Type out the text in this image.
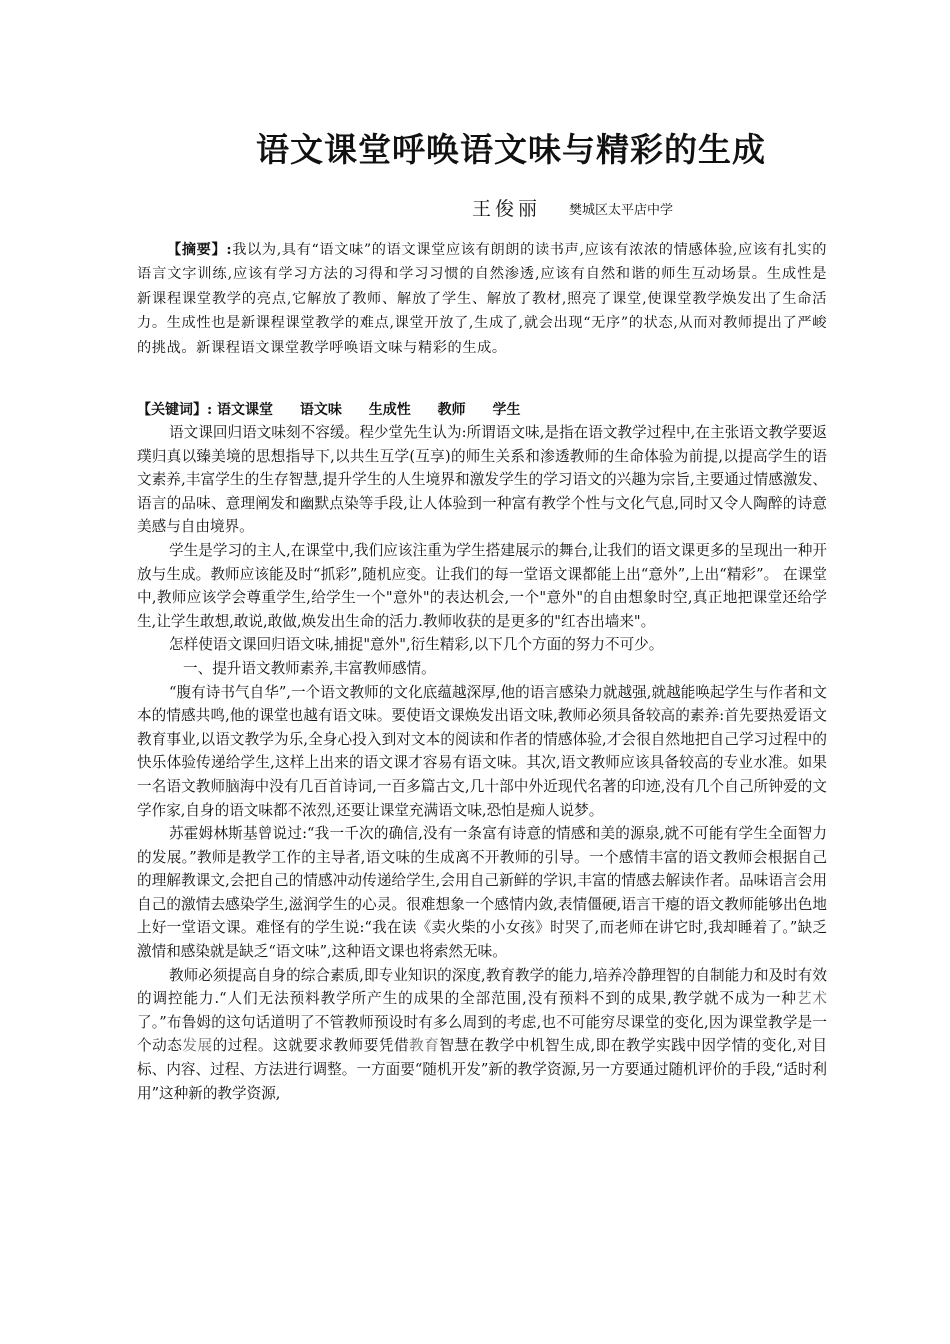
语文课堂呼唤语文味与精彩的生成
王俊丽 樊城区太平店中学

【摘要】:我以为,具有“语文味”的语文课堂应该有朗朗的读书声,应该有浓浓的情感体验,应该有扎实的语言文字训练,应该有学习方法的习得和学习习惯的自然渗透,应该有自然和谐的师生互动场景。生成性是新课程课堂教学的亮点,它解放了教师、解放了学生、解放了教材,照亮了课堂,使课堂教学焕发出了生命活力。生成性也是新课程课堂教学的难点,课堂开放了,生成了,就会出现“无序”的状态,从而对教师提出了严峻的挑战。新课程语文课堂教学呼唤语文味与精彩的生成。

【关键词】: 语文课堂 语文味 生成性 教师 学生

语文课回归语文味刻不容缓。程少堂先生认为:所谓语文味,是指在语文教学过程中,在主张语文教学要返璞归真以臻美境的思想指导下,以共生互学(互享)的师生关系和渗透教师的生命体验为前提,以提高学生的语文素养,丰富学生的生存智慧,提升学生的人生境界和激发学生的学习语文的兴趣为宗旨,主要通过情感激发、语言的品味、意理阐发和幽默点染等手段,让人体验到一种富有教学个性与文化气息,同时又令人陶醉的诗意美感与自由境界。

学生是学习的主人,在课堂中,我们应该注重为学生搭建展示的舞台,让我们的语文课更多的呈现出一种开放与生成。教师应该能及时“抓彩”,随机应变。让我们的每一堂语文课都能上出“意外”,上出“精彩”。 在课堂中,教师应该学会尊重学生,给学生一个"意外"的表达机会,一个"意外"的自由想象时空,真正地把课堂还给学生,让学生敢想,敢说,敢做,焕发出生命的活力.教师收获的是更多的"红杏出墙来"。

怎样使语文课回归语文味,捕捉"意外",衍生精彩,以下几个方面的努力不可少。

一、提升语文教师素养,丰富教师感情。

“腹有诗书气自华”,一个语文教师的文化底蕴越深厚,他的语言感染力就越强,就越能唤起学生与作者和文本的情感共鸣,他的课堂也越有语文味。要使语文课焕发出语文味,教师必须具备较高的素养:首先要热爱语文教育事业,以语文教学为乐,全身心投入到对文本的阅读和作者的情感体验,才会很自然地把自己学习过程中的快乐体验传递给学生,这样上出来的语文课才容易有语文味。其次,语文教师应该具备较高的专业水准。如果一名语文教师脑海中没有几百首诗词,一百多篇古文,几十部中外近现代名著的印迹,没有几个自己所钟爱的文学作家,自身的语文味都不浓烈,还要让课堂充满语文味,恐怕是痴人说梦。

苏霍姆林斯基曾说过:“我一千次的确信,没有一条富有诗意的情感和美的源泉,就不可能有学生全面智力的发展。”教师是教学工作的主导者,语文味的生成离不开教师的引导。一个感情丰富的语文教师会根据自己的理解教课文,会把自己的情感冲动传递给学生,会用自己新鲜的学识,丰富的情感去解读作者。品味语言会用自己的激情去感染学生,滋润学生的心灵。很难想象一个感情内敛,表情僵硬,语言干瘪的语文教师能够出色地上好一堂语文课。难怪有的学生说:“我在读《卖火柴的小女孩》时哭了,而老师在讲它时,我却睡着了。”缺乏激情和感染就是缺乏“语文味”,这种语文课也将索然无味。

教师必须提高自身的综合素质,即专业知识的深度,教育教学的能力,培养冷静理智的自制能力和及时有效的调控能力.“人们无法预料教学所产生的成果的全部范围,没有预料不到的成果,教学就不成为一种艺术了。”布鲁姆的这句话道明了不管教师预设时有多么周到的考虑,也不可能穷尽课堂的变化,因为课堂教学是一个动态发展的过程。这就要求教师要凭借教育智慧在教学中机智生成,即在教学实践中因学情的变化,对目标、内容、过程、方法进行调整。一方面要“随机开发”新的教学资源,另一方要通过随机评价的手段,“适时利用”这种新的教学资源,
